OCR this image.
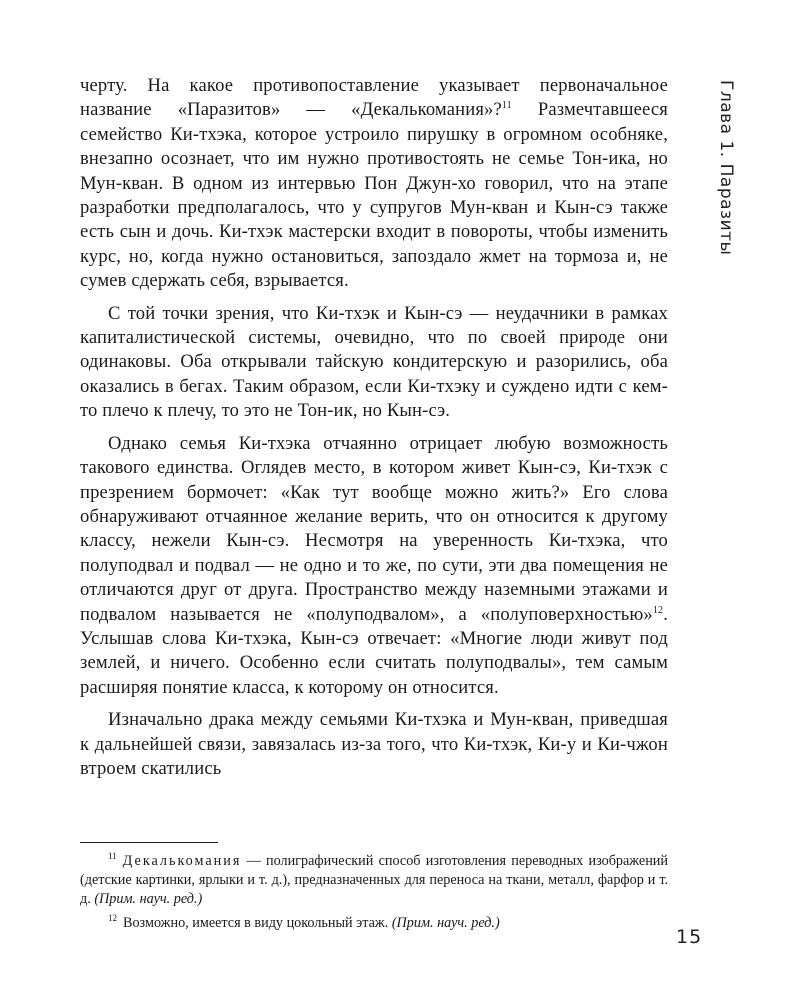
черту. На какое противопоставление указывает первоначальное название «Паразитов» — «Декалькомания»?$^{11}$ Размечтавшееся семейство Ки-тхэка, которое устроило пирушку в огромном особняке, внезапно осознает, что им нужно противостоять не семье Тон-ика, но Мун-кван. В одном из интервью Пон Джун-хо говорил, что на этапе разработки предполагалось, что у супругов Мун-кван и Кын-сэ также есть сын и дочь. Ки-тхэк мастерски входит в повороты, чтобы изменить курс, но, когда нужно остановиться, запоздало жмет на тормоза и, не сумев сдержать себя, взрывается.

С той точки зрения, что Ки-тхэк и Кын-сэ — неудачники в рамках капиталистической системы, очевидно, что по своей природе они одинаковы. Оба открывали тайскую кондитерскую и разорились, оба оказались в бегах. Таким образом, если Ки-тхэку и суждено идти с кем-то плечо к плечу, то это не Тон-ик, но Кын-сэ.

Однако семья Ки-тхэка отчаянно отрицает любую возможность такового единства. Оглядев место, в котором живет Кын-сэ, Ки-тхэк с презрением бормочет: «Как тут вообще можно жить?» Его слова обнаруживают отчаянное желание верить, что он относится к другому классу, нежели Кын-сэ. Несмотря на уверенность Ки-тхэка, что полуподвал и подвал — не одно и то же, по сути, эти два помещения не отличаются друг от друга. Пространство между наземными этажами и подвалом называется не «полуподвалом», а «полуповерхностью»$^{12}$. Услышав слова Ки-тхэка, Кын-сэ отвечает: «Многие люди живут под землей, и ничего. Особенно если считать полуподвалы», тем самым расширяя понятие класса, к которому он относится.

Изначально драка между семьями Ки-тхэка и Мун-кван, приведшая к дальнейшей связи, завязалась из-за того, что Ки-тхэк, Ки-у и Ки-чжон втроем скатились

$^{11}$ Декалькомания — полиграфический способ изготовления переводных изображений (детские картинки, ярлыки и т. д.), предназначенных для переноса на ткани, металл, фарфор и т. д. (Прим. науч. ред.)

$^{12}$ Возможно, имеется в виду цокольный этаж. (Прим. науч. ред.)

Глава 1. Паразиты
15
